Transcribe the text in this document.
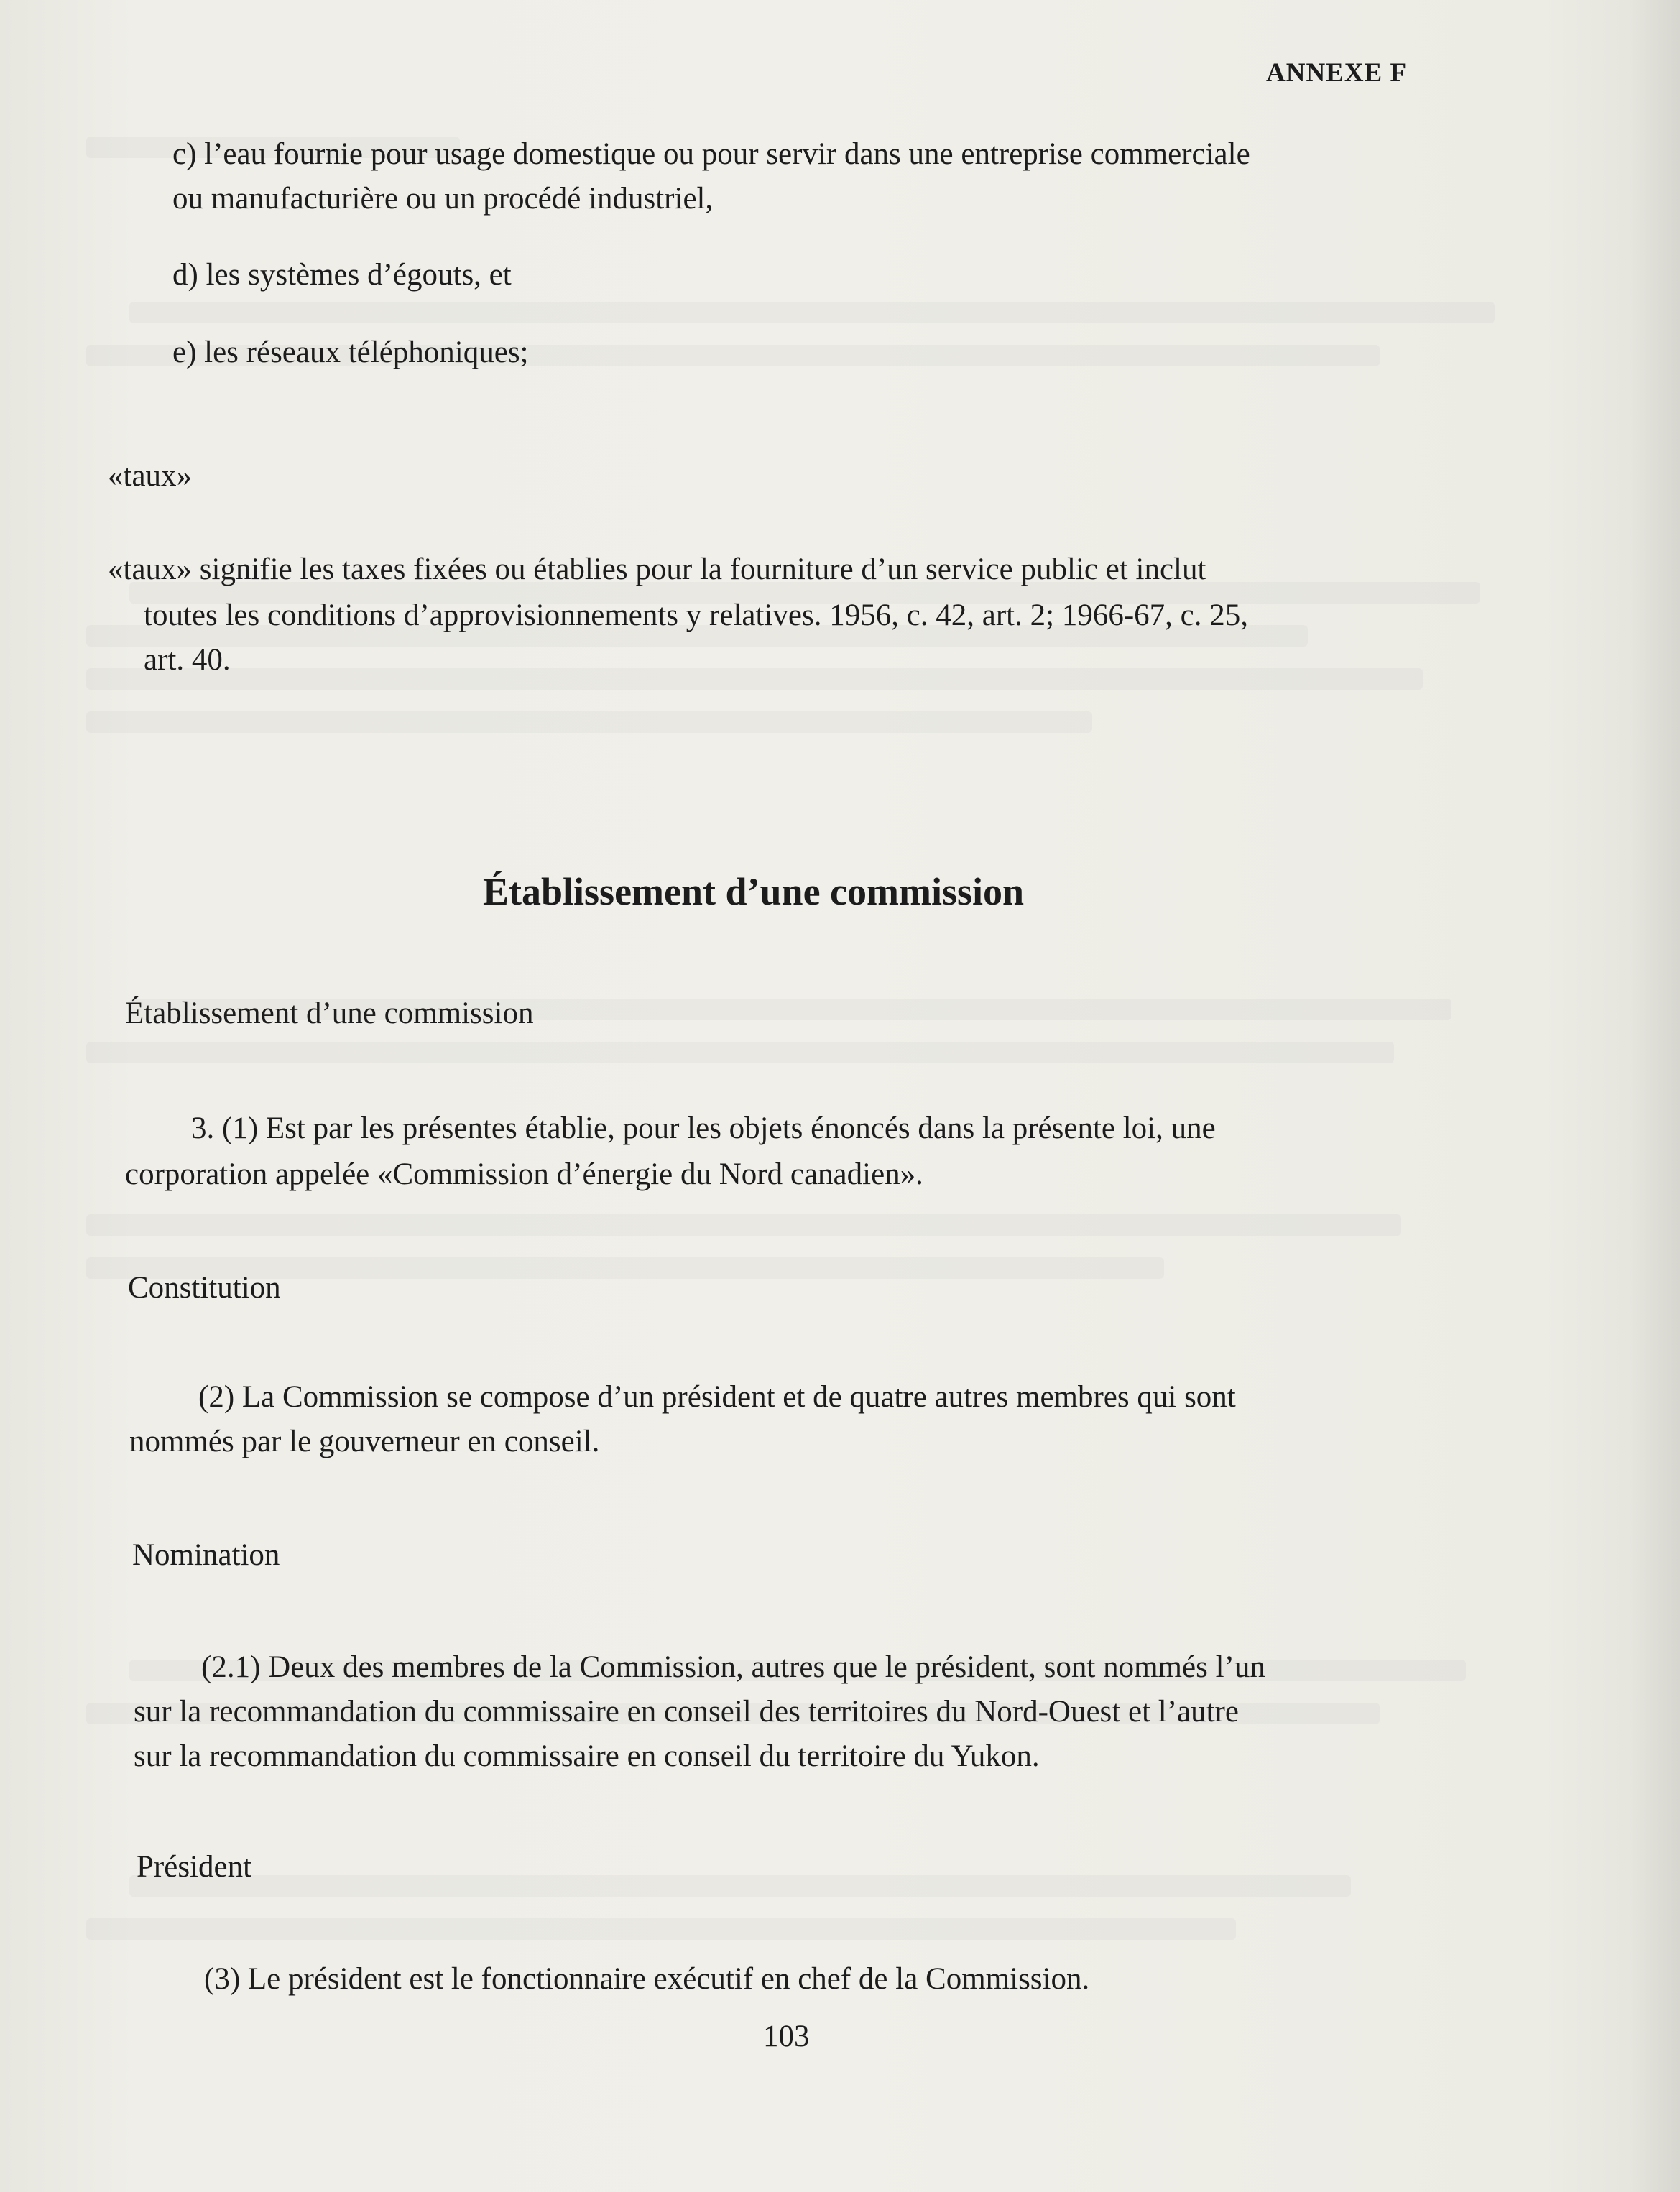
ANNEXE F
c) l’eau fournie pour usage domestique ou pour servir dans une entreprise commerciale
ou manufacturière ou un procédé industriel,
d) les systèmes d’égouts, et
e) les réseaux téléphoniques;
«taux»
«taux» signifie les taxes fixées ou établies pour la fourniture d’un service public et inclut
toutes les conditions d’approvisionnements y relatives. 1956, c. 42, art. 2; 1966-67, c. 25,
art. 40.
Établissement d’une commission
Établissement d’une commission
3. (1) Est par les présentes établie, pour les objets énoncés dans la présente loi, une
corporation appelée «Commission d’énergie du Nord canadien».
Constitution
(2) La Commission se compose d’un président et de quatre autres membres qui sont
nommés par le gouverneur en conseil.
Nomination
(2.1) Deux des membres de la Commission, autres que le président, sont nommés l’un
sur la recommandation du commissaire en conseil des territoires du Nord-Ouest et l’autre
sur la recommandation du commissaire en conseil du territoire du Yukon.
Président
(3) Le président est le fonctionnaire exécutif en chef de la Commission.
103
